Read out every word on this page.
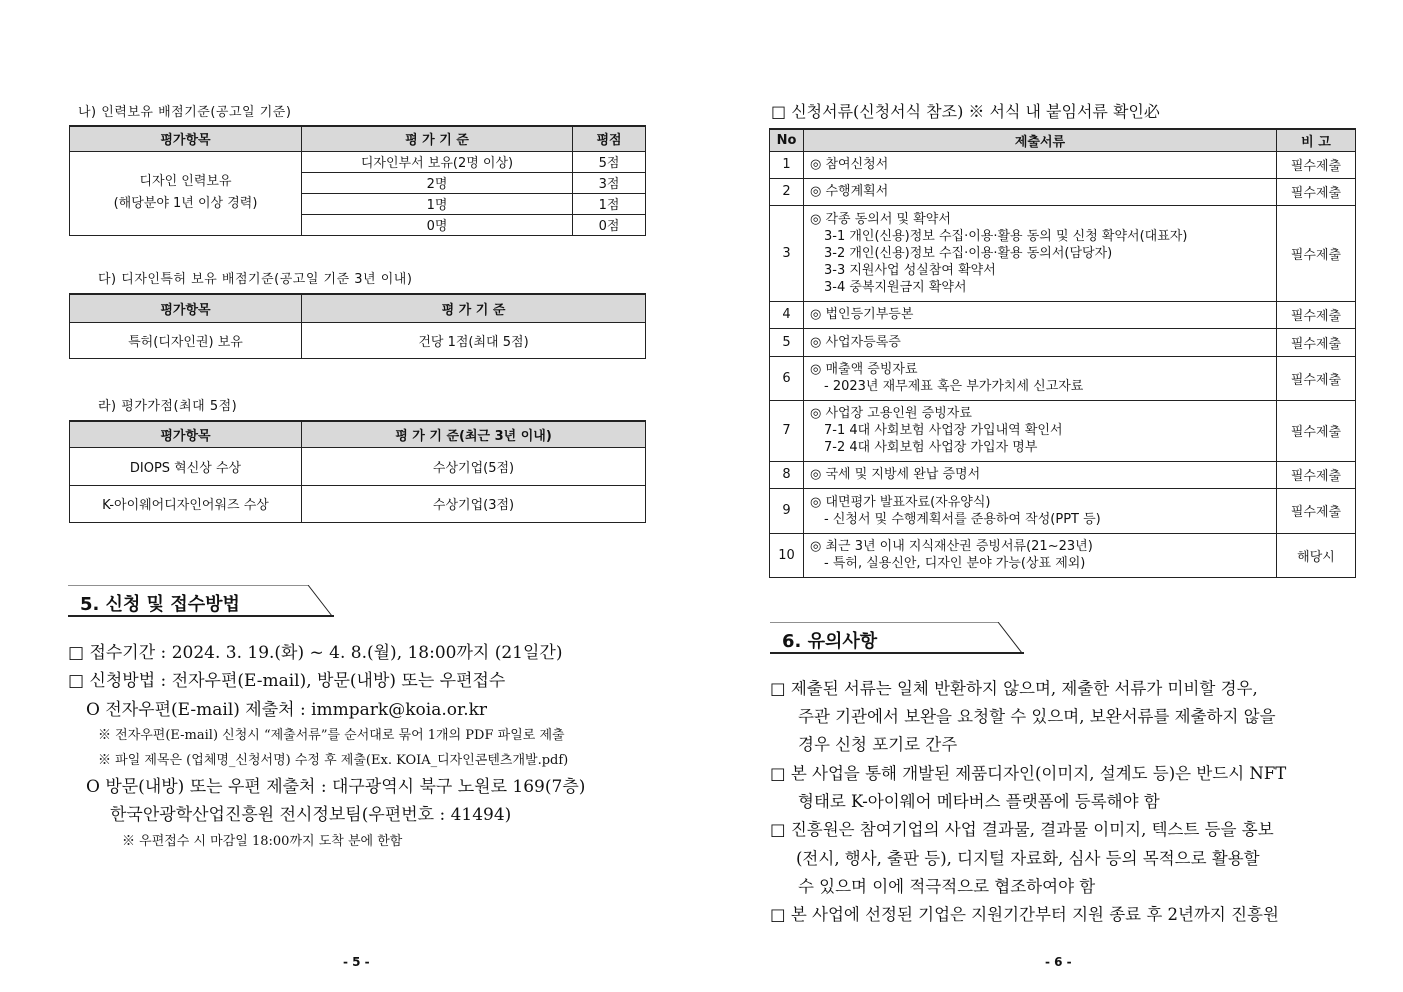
나) 인력보유 배점기준(공고일 기준)
평가항목	평 가 기 준	평점

디자인 인력보유
(해당분야 1년 이상 경력)	디자인부서 보유(2명 이상)	5점
	2명	3점
	1명	1점
	0명	0점
다) 디자인특허 보유 배점기준(공고일 기준 3년 이내)
평가항목	평 가 기 준
특허(디자인권) 보유	건당 1점(최대 5점)
라) 평가가점(최대 5점)
평가항목	평 가 기 준(최근 3년 이내)
DIOPS 혁신상 수상	수상기업(5점)
K-아이웨어디자인어워즈 수상	수상기업(3점)
5. 신청 및 접수방법
□ 접수기간 : 2024. 3. 19.(화) ~ 4. 8.(월), 18:00까지 (21일간)
□ 신청방법 : 전자우편(E-mail), 방문(내방) 또는 우편접수
O 전자우편(E-mail) 제출처 : immpark@koia.or.kr
※ 전자우편(E-mail) 신청시 “제출서류”를 순서대로 묶어 1개의 PDF 파일로 제출
※ 파일 제목은 (업체명_신청서명) 수정 후 제출(Ex. KOIA_디자인콘텐츠개발.pdf)
O 방문(내방) 또는 우편 제출처 : 대구광역시 북구 노원로 169(7층)
한국안광학산업진흥원 전시정보팀(우편번호 : 41494)
※ 우편접수 시 마감일 18:00까지 도착 분에 한함
- 5 -
□ 신청서류(신청서식 참조) ※ 서식 내 붙임서류 확인必
No	제출서류	비 고
1	◎ 참여신청서	필수제출
2	◎ 수행계획서	필수제출
3	◎ 각종 동의서 및 확약서
3-1 개인(신용)정보 수집·이용·활용 동의 및 신청 확약서(대표자)
3-2 개인(신용)정보 수집·이용·활용 동의서(담당자)
3-3 지원사업 성실참여 확약서
3-4 중복지원금지 확약서	필수제출
4	◎ 법인등기부등본	필수제출
5	◎ 사업자등록증	필수제출
6	◎ 매출액 증빙자료
- 2023년 재무제표 혹은 부가가치세 신고자료	필수제출
7	◎ 사업장 고용인원 증빙자료
7-1 4대 사회보험 사업장 가입내역 확인서
7-2 4대 사회보험 사업장 가입자 명부	필수제출
8	◎ 국세 및 지방세 완납 증명서	필수제출
9	◎ 대면평가 발표자료(자유양식)
- 신청서 및 수행계획서를 준용하여 작성(PPT 등)	필수제출
10	◎ 최근 3년 이내 지식재산권 증빙서류(21~23년)
- 특허, 실용신안, 디자인 분야 가능(상표 제외)	해당시
6. 유의사항
□ 제출된 서류는 일체 반환하지 않으며, 제출한 서류가 미비할 경우,
주관 기관에서 보완을 요청할 수 있으며, 보완서류를 제출하지 않을
경우 신청 포기로 간주
□ 본 사업을 통해 개발된 제품디자인(이미지, 설계도 등)은 반드시 NFT
형태로 K-아이웨어 메타버스 플랫폼에 등록해야 함
□ 진흥원은 참여기업의 사업 결과물, 결과물 이미지, 텍스트 등을 홍보
(전시, 행사, 출판 등), 디지털 자료화, 심사 등의 목적으로 활용할
수 있으며 이에 적극적으로 협조하여야 함
□ 본 사업에 선정된 기업은 지원기간부터 지원 종료 후 2년까지 진흥원
- 6 -
